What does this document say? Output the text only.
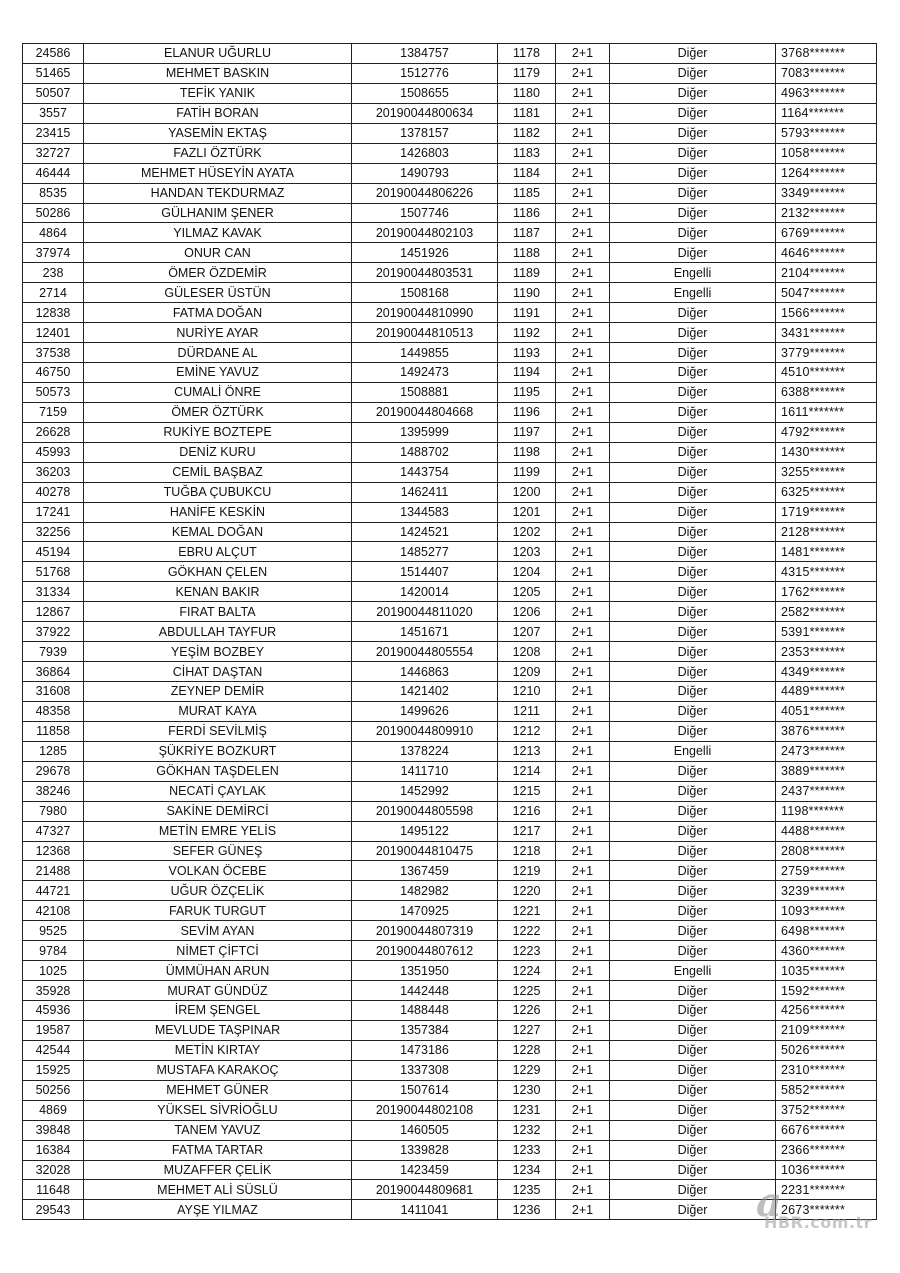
24586	ELANUR UĞURLU	1384757	1178	2+1	Diğer	3768*******
51465	MEHMET BASKIN	1512776	1179	2+1	Diğer	7083*******
50507	TEFİK YANIK	1508655	1180	2+1	Diğer	4963*******
3557	FATİH BORAN	20190044800634	1181	2+1	Diğer	1164*******
23415	YASEMİN EKTAŞ	1378157	1182	2+1	Diğer	5793*******
32727	FAZLI ÖZTÜRK	1426803	1183	2+1	Diğer	1058*******
46444	MEHMET HÜSEYİN AYATA	1490793	1184	2+1	Diğer	1264*******
8535	HANDAN TEKDURMAZ	20190044806226	1185	2+1	Diğer	3349*******
50286	GÜLHANIM ŞENER	1507746	1186	2+1	Diğer	2132*******
4864	YILMAZ KAVAK	20190044802103	1187	2+1	Diğer	6769*******
37974	ONUR CAN	1451926	1188	2+1	Diğer	4646*******
238	ÖMER ÖZDEMİR	20190044803531	1189	2+1	Engelli	2104*******
2714	GÜLESER ÜSTÜN	1508168	1190	2+1	Engelli	5047*******
12838	FATMA DOĞAN	20190044810990	1191	2+1	Diğer	1566*******
12401	NURİYE AYAR	20190044810513	1192	2+1	Diğer	3431*******
37538	DÜRDANE AL	1449855	1193	2+1	Diğer	3779*******
46750	EMİNE YAVUZ	1492473	1194	2+1	Diğer	4510*******
50573	CUMALİ ÖNRE	1508881	1195	2+1	Diğer	6388*******
7159	ÖMER ÖZTÜRK	20190044804668	1196	2+1	Diğer	1611*******
26628	RUKİYE BOZTEPE	1395999	1197	2+1	Diğer	4792*******
45993	DENİZ KURU	1488702	1198	2+1	Diğer	1430*******
36203	CEMİL BAŞBAZ	1443754	1199	2+1	Diğer	3255*******
40278	TUĞBA ÇUBUKCU	1462411	1200	2+1	Diğer	6325*******
17241	HANİFE KESKİN	1344583	1201	2+1	Diğer	1719*******
32256	KEMAL DOĞAN	1424521	1202	2+1	Diğer	2128*******
45194	EBRU ALÇUT	1485277	1203	2+1	Diğer	1481*******
51768	GÖKHAN ÇELEN	1514407	1204	2+1	Diğer	4315*******
31334	KENAN BAKIR	1420014	1205	2+1	Diğer	1762*******
12867	FIRAT BALTA	20190044811020	1206	2+1	Diğer	2582*******
37922	ABDULLAH TAYFUR	1451671	1207	2+1	Diğer	5391*******
7939	YEŞİM BOZBEY	20190044805554	1208	2+1	Diğer	2353*******
36864	CİHAT DAŞTAN	1446863	1209	2+1	Diğer	4349*******
31608	ZEYNEP DEMİR	1421402	1210	2+1	Diğer	4489*******
48358	MURAT KAYA	1499626	1211	2+1	Diğer	4051*******
11858	FERDİ SEVİLMİŞ	20190044809910	1212	2+1	Diğer	3876*******
1285	ŞÜKRİYE BOZKURT	1378224	1213	2+1	Engelli	2473*******
29678	GÖKHAN TAŞDELEN	1411710	1214	2+1	Diğer	3889*******
38246	NECATİ ÇAYLAK	1452992	1215	2+1	Diğer	2437*******
7980	SAKİNE DEMİRCİ	20190044805598	1216	2+1	Diğer	1198*******
47327	METİN EMRE YELİS	1495122	1217	2+1	Diğer	4488*******
12368	SEFER GÜNEŞ	20190044810475	1218	2+1	Diğer	2808*******
21488	VOLKAN ÖCEBE	1367459	1219	2+1	Diğer	2759*******
44721	UĞUR ÖZÇELİK	1482982	1220	2+1	Diğer	3239*******
42108	FARUK TURGUT	1470925	1221	2+1	Diğer	1093*******
9525	SEVİM AYAN	20190044807319	1222	2+1	Diğer	6498*******
9784	NİMET ÇİFTCİ	20190044807612	1223	2+1	Diğer	4360*******
1025	ÜMMÜHAN ARUN	1351950	1224	2+1	Engelli	1035*******
35928	MURAT GÜNDÜZ	1442448	1225	2+1	Diğer	1592*******
45936	İREM ŞENGEL	1488448	1226	2+1	Diğer	4256*******
19587	MEVLUDE TAŞPINAR	1357384	1227	2+1	Diğer	2109*******
42544	METİN KIRTAY	1473186	1228	2+1	Diğer	5026*******
15925	MUSTAFA KARAKOÇ	1337308	1229	2+1	Diğer	2310*******
50256	MEHMET GÜNER	1507614	1230	2+1	Diğer	5852*******
4869	YÜKSEL SİVRİOĞLU	20190044802108	1231	2+1	Diğer	3752*******
39848	TANEM YAVUZ	1460505	1232	2+1	Diğer	6676*******
16384	FATMA TARTAR	1339828	1233	2+1	Diğer	2366*******
32028	MUZAFFER ÇELİK	1423459	1234	2+1	Diğer	1036*******
11648	MEHMET ALİ SÜSLÜ	20190044809681	1235	2+1	Diğer	2231*******
29543	AYŞE YILMAZ	1411041	1236	2+1	Diğer	2673*******
a
HBR.com.tr
